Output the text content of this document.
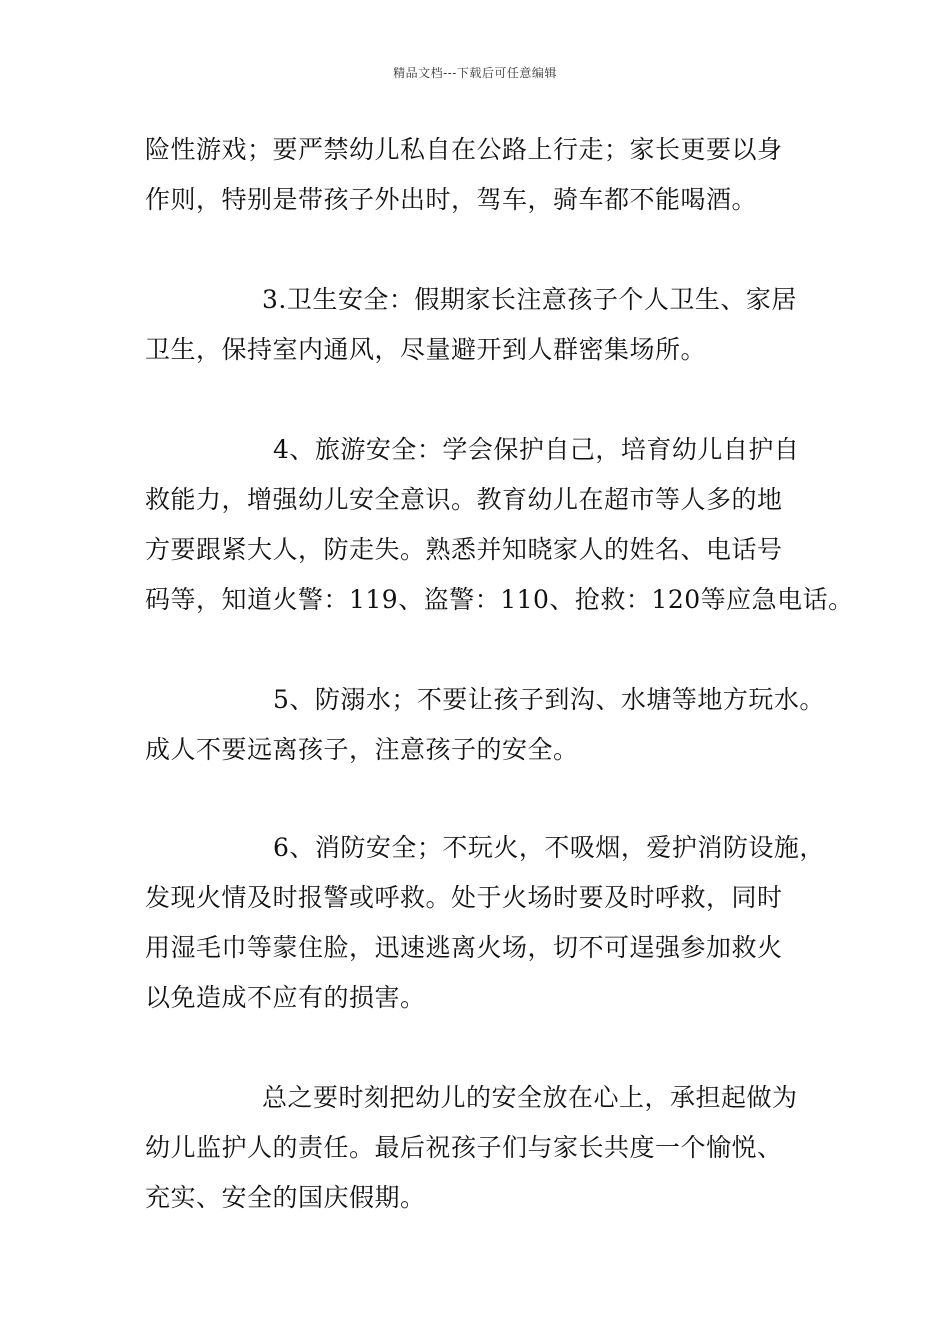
精品文档---下载后可任意编辑
险性游戏；要严禁幼儿私自在公路上行走；家长更要以身
作则，特别是带孩子外出时，驾车，骑车都不能喝酒。
3.卫生安全：假期家长注意孩子个人卫生、家居
卫生，保持室内通风，尽量避开到人群密集场所。
4、旅游安全：学会保护自己，培育幼儿自护自
救能力，增强幼儿安全意识。教育幼儿在超市等人多的地
方要跟紧大人，防走失。熟悉并知晓家人的姓名、电话号
码等，知道火警：119、盗警：110、抢救：120等应急电话。
5、防溺水；不要让孩子到沟、水塘等地方玩水。
成人不要远离孩子，注意孩子的安全。
6、消防安全；不玩火，不吸烟，爱护消防设施，
发现火情及时报警或呼救。处于火场时要及时呼救，同时
用湿毛巾等蒙住脸，迅速逃离火场，切不可逞强参加救火
以免造成不应有的损害。
总之要时刻把幼儿的安全放在心上，承担起做为
幼儿监护人的责任。最后祝孩子们与家长共度一个愉悦、
充实、安全的国庆假期。
